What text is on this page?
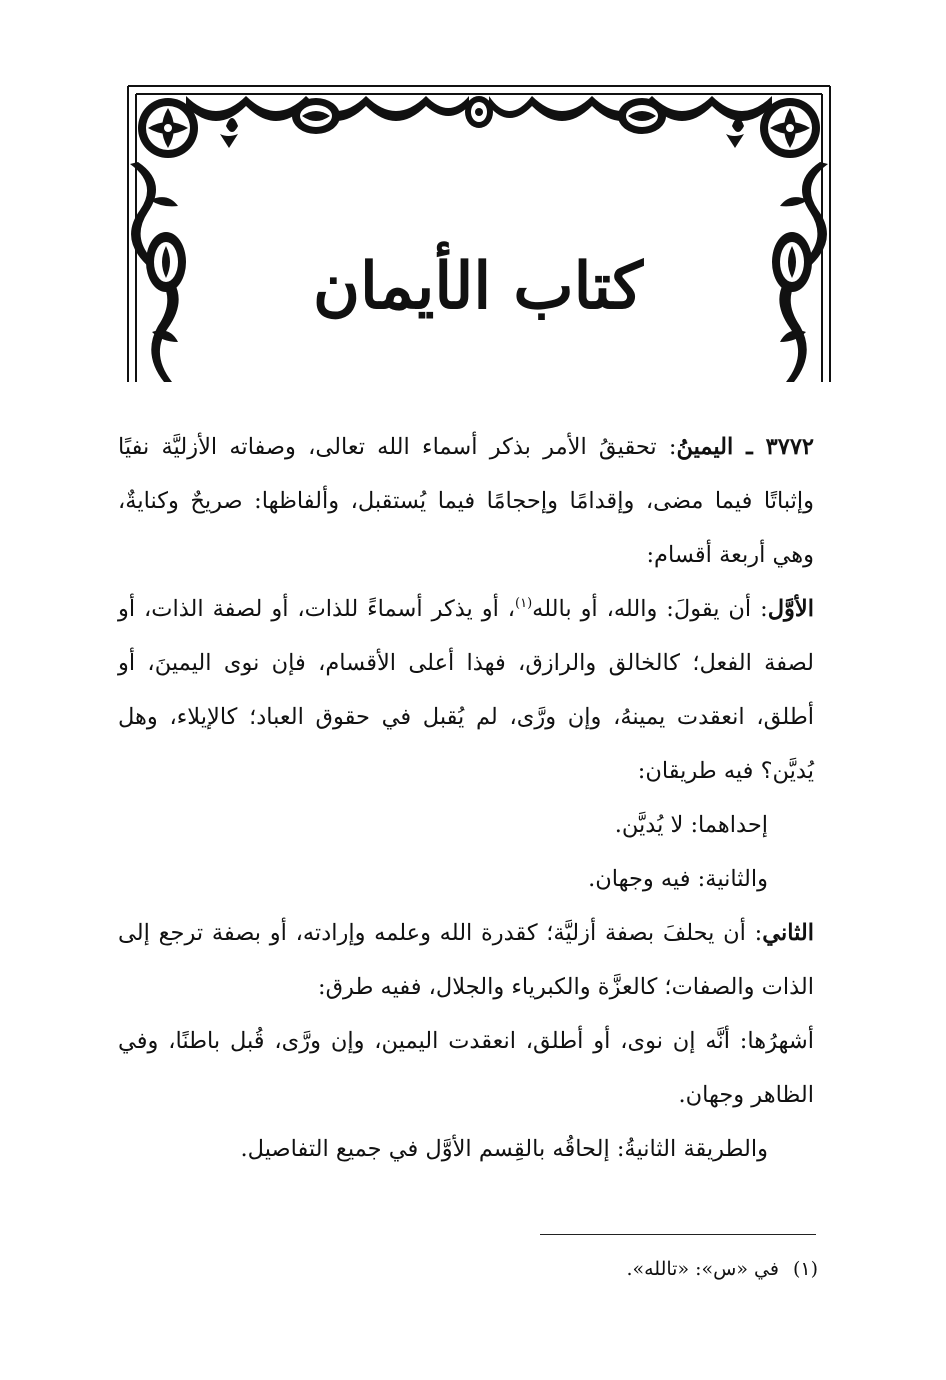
كتاب الأيمان

٣٧٧٢ ـ اليمينُ: تحقيقُ الأمر بذكر أسماء الله تعالى، وصفاته الأزليَّة نفيًا وإثباتًا فيما مضى، وإقدامًا وإحجامًا فيما يُستقبل، وألفاظها: صريحٌ وكنايةٌ، وهي أربعة أقسام:

الأوَّل: أن يقولَ: والله، أو بالله$^{(١)}$، أو يذكر أسماءً للذات، أو لصفة الذات، أو لصفة الفعل؛ كالخالق والرازق، فهذا أعلى الأقسام، فإن نوى اليمينَ، أو أطلق، انعقدت يمينهُ، وإن ورَّى، لم يُقبل في حقوق العباد؛ كالإيلاء، وهل يُديَّن؟ فيه طريقان:

إحداهما: لا يُديَّن.

والثانية: فيه وجهان.

الثاني: أن يحلفَ بصفة أزليَّة؛ كقدرة الله وعلمه وإرادته، أو بصفة ترجع إلى الذات والصفات؛ كالعزَّة والكبرياء والجلال، ففيه طرق:

أشهرُها: أنَّه إن نوى، أو أطلق، انعقدت اليمين، وإن ورَّى، قُبل باطنًا، وفي الظاهر وجهان.

والطريقة الثانيةُ: إلحاقُه بالقِسم الأوَّل في جميع التفاصيل.

(١)في «س»: «تالله».
